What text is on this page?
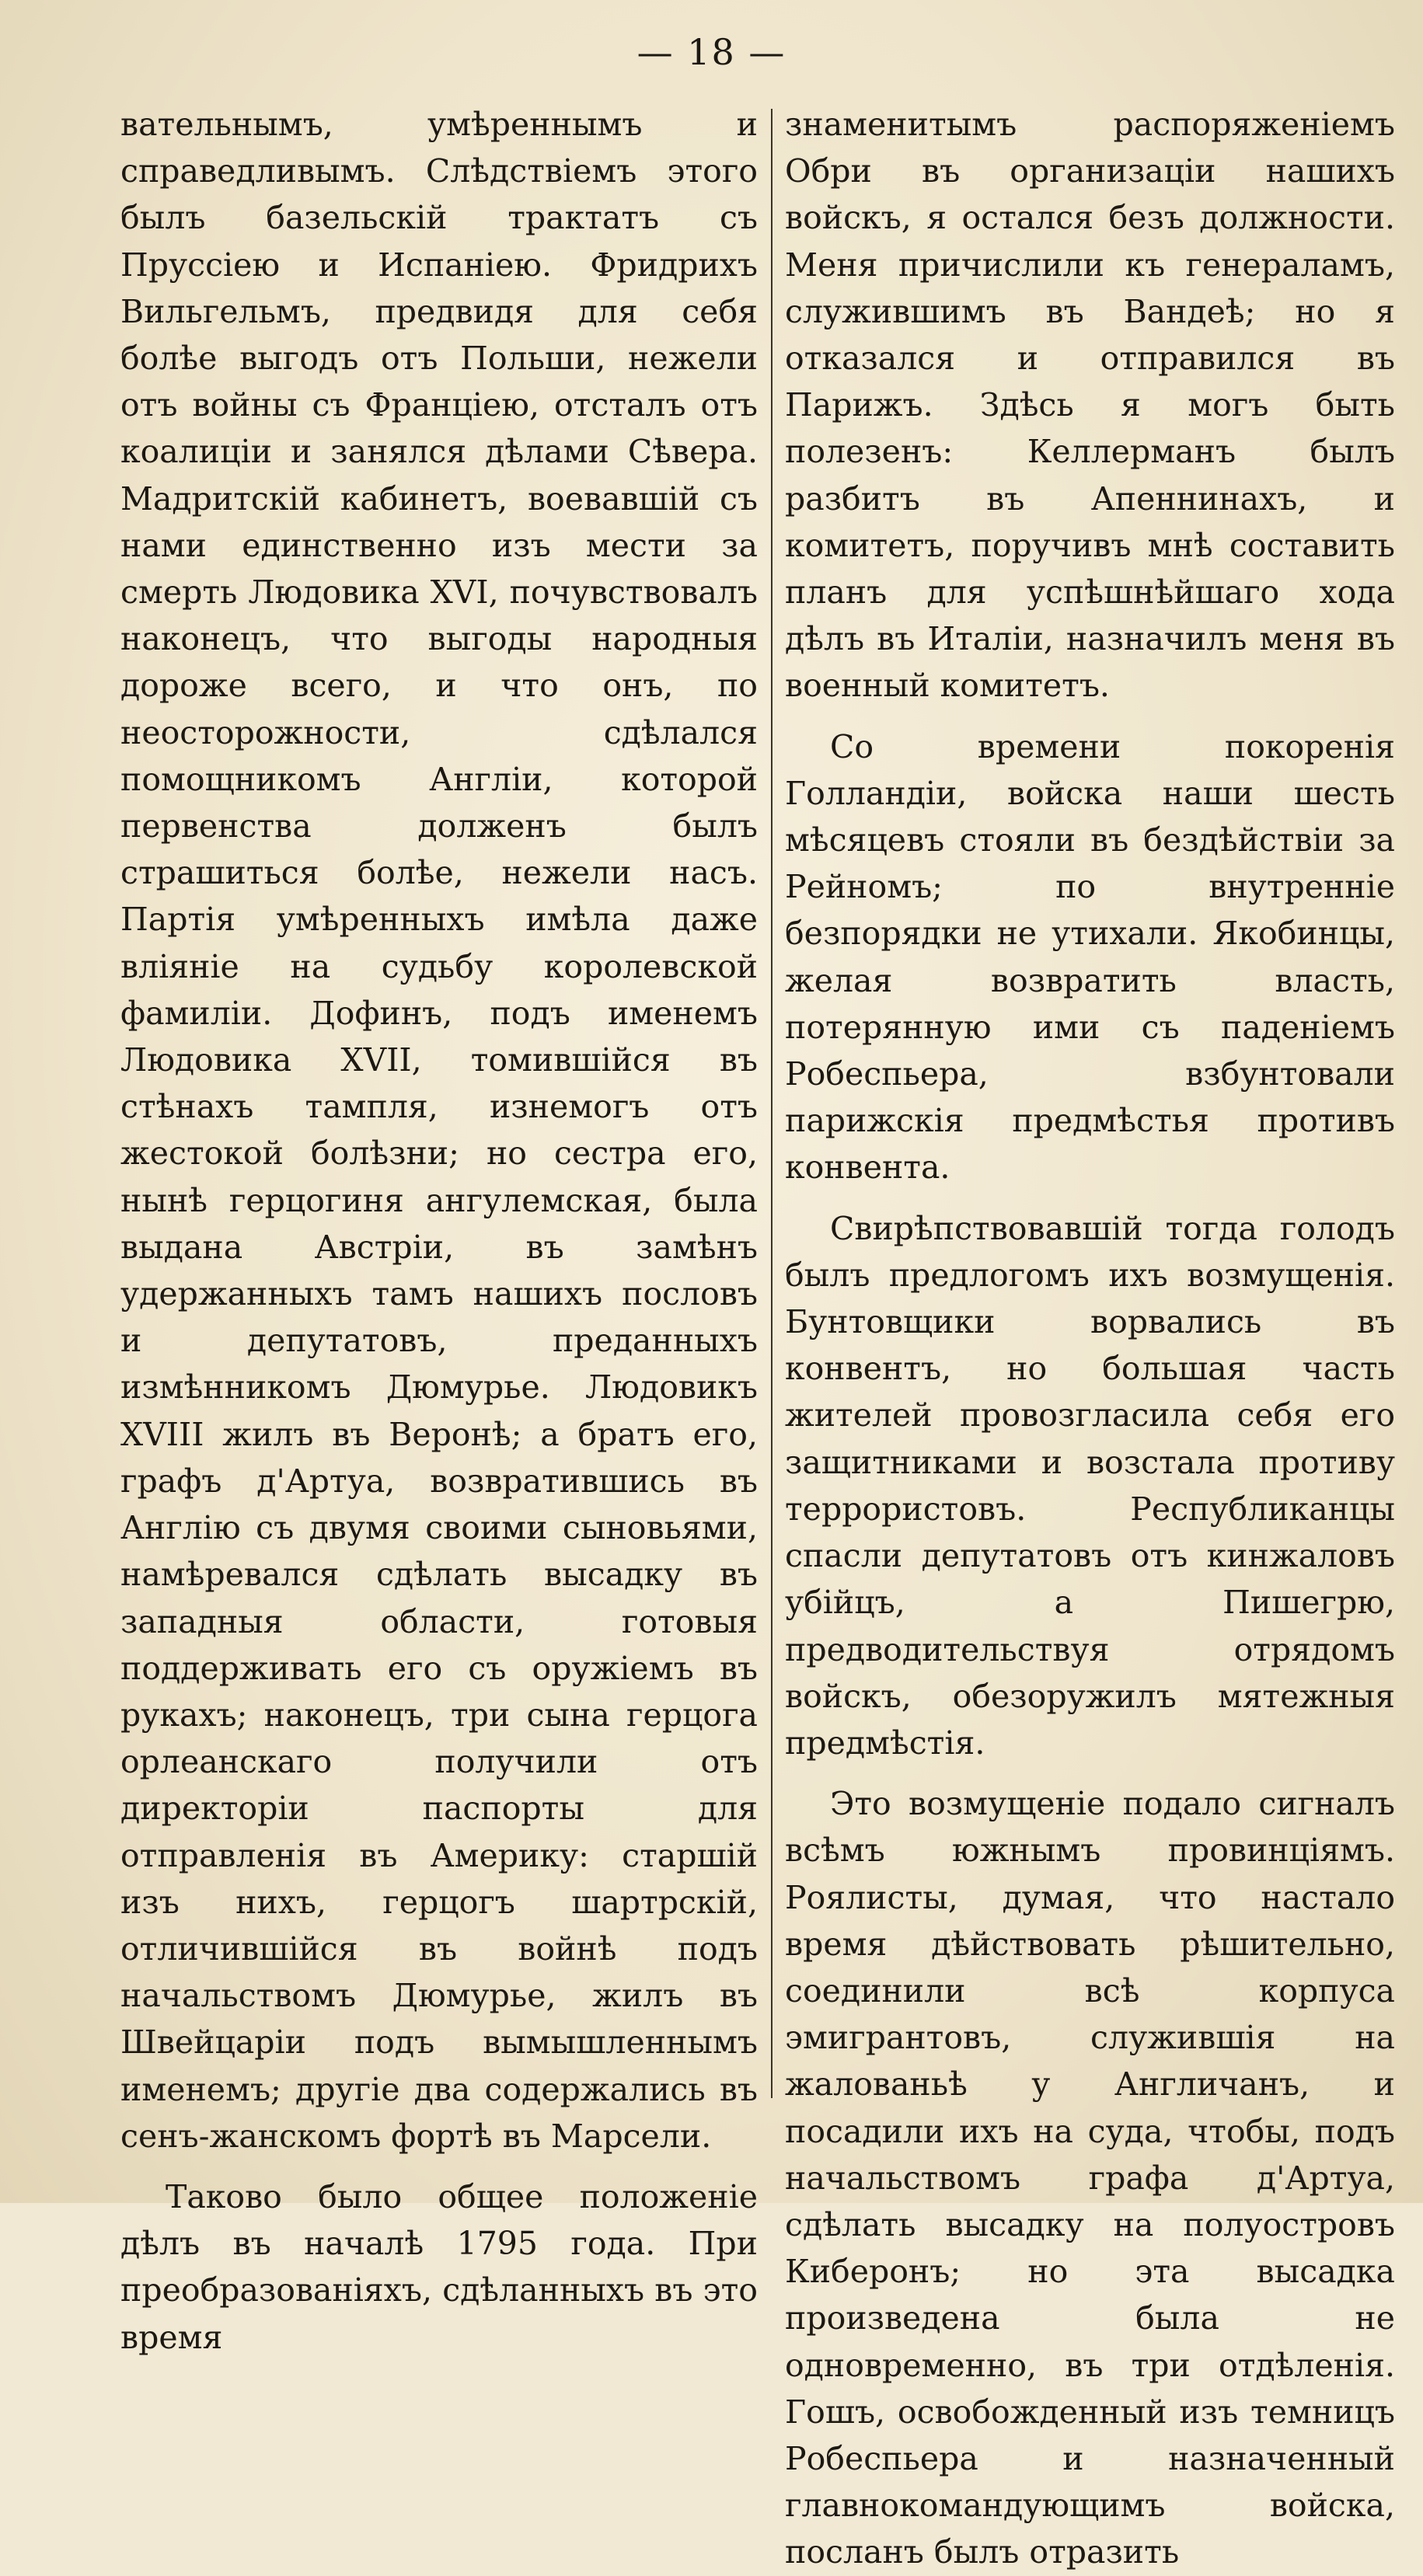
— 18 —

вательнымъ, умѣреннымъ и справедливымъ. Слѣдствіемъ этого былъ базельскій трактатъ съ Пруссіею и Испаніею. Фридрихъ Вильгельмъ, предвидя для себя болѣе выгодъ отъ Польши, нежели отъ войны съ Франціею, отсталъ отъ коалиціи и занялся дѣлами Сѣвера. Мадритскій кабинетъ, воевавшій съ нами единственно изъ мести за смерть Людовика XVI, почувствовалъ наконецъ, что выгоды народныя дороже всего, и что онъ, по неосторожности, сдѣлался помощникомъ Англіи, которой первенства долженъ былъ страшиться болѣе, нежели насъ. Партія умѣренныхъ имѣла даже вліяніе на судьбу королевской фамиліи. Дофинъ, подъ именемъ Людовика XVII, томившійся въ стѣнахъ тампля, изнемогъ отъ жестокой болѣзни; но сестра его, нынѣ герцогиня ангулемская, была выдана Австріи, въ замѣнъ удержанныхъ тамъ нашихъ пословъ и депутатовъ, преданныхъ измѣнникомъ Дюмурье. Людовикъ XVIII жилъ въ Веронѣ; а братъ его, графъ д'Артуа, возвратившись въ Англію съ двумя своими сыновьями, намѣревался сдѣлать высадку въ западныя области, готовыя поддерживать его съ оружіемъ въ рукахъ; наконецъ, три сына герцога орлеанскаго получили отъ директоріи паспорты для отправленія въ Америку: старшій изъ нихъ, герцогъ шартрскій, отличившійся въ войнѣ подъ начальствомъ Дюмурье, жилъ въ Швейцаріи подъ вымышленнымъ именемъ; другіе два содержались въ сенъ-жанскомъ фортѣ въ Марсели.

Таково было общее положеніе дѣлъ въ началѣ 1795 года. При преобразованіяхъ, сдѣланныхъ въ это время

знаменитымъ распоряженіемъ Обри въ организаціи нашихъ войскъ, я остался безъ должности. Меня причислили къ генераламъ, служившимъ въ Вандеѣ; но я отказался и отправился въ Парижъ. Здѣсь я могъ быть полезенъ: Келлерманъ былъ разбитъ въ Апеннинахъ, и комитетъ, поручивъ мнѣ составить планъ для успѣшнѣйшаго хода дѣлъ въ Италіи, назначилъ меня въ военный комитетъ.

Со времени покоренія Голландіи, войска наши шесть мѣсяцевъ стояли въ бездѣйствіи за Рейномъ; по внутренніе безпорядки не утихали. Якобинцы, желая возвратить власть, потерянную ими съ паденіемъ Робеспьера, взбунтовали парижскія предмѣстья противъ конвента.

Свирѣпствовавшій тогда голодъ былъ предлогомъ ихъ возмущенія. Бунтовщики ворвались въ конвентъ, но большая часть жителей провозгласила себя его защитниками и возстала противу террористовъ. Республиканцы спасли депутатовъ отъ кинжаловъ убійцъ, а Пишегрю, предводительствуя отрядомъ войскъ, обезоружилъ мятежныя предмѣстія.

Это возмущеніе подало сигналъ всѣмъ южнымъ провинціямъ. Роялисты, думая, что настало время дѣйствовать рѣшительно, соединили всѣ корпуса эмигрантовъ, служившія на жалованьѣ у Англичанъ, и посадили ихъ на суда, чтобы, подъ начальствомъ графа д'Артуа, сдѣлать высадку на полуостровъ Киберонъ; но эта высадка произведена была не одновременно, въ три отдѣленія. Гошъ, освобожденный изъ темницъ Робеспьера и назначенный главнокомандующимъ войска, посланъ былъ отразить
